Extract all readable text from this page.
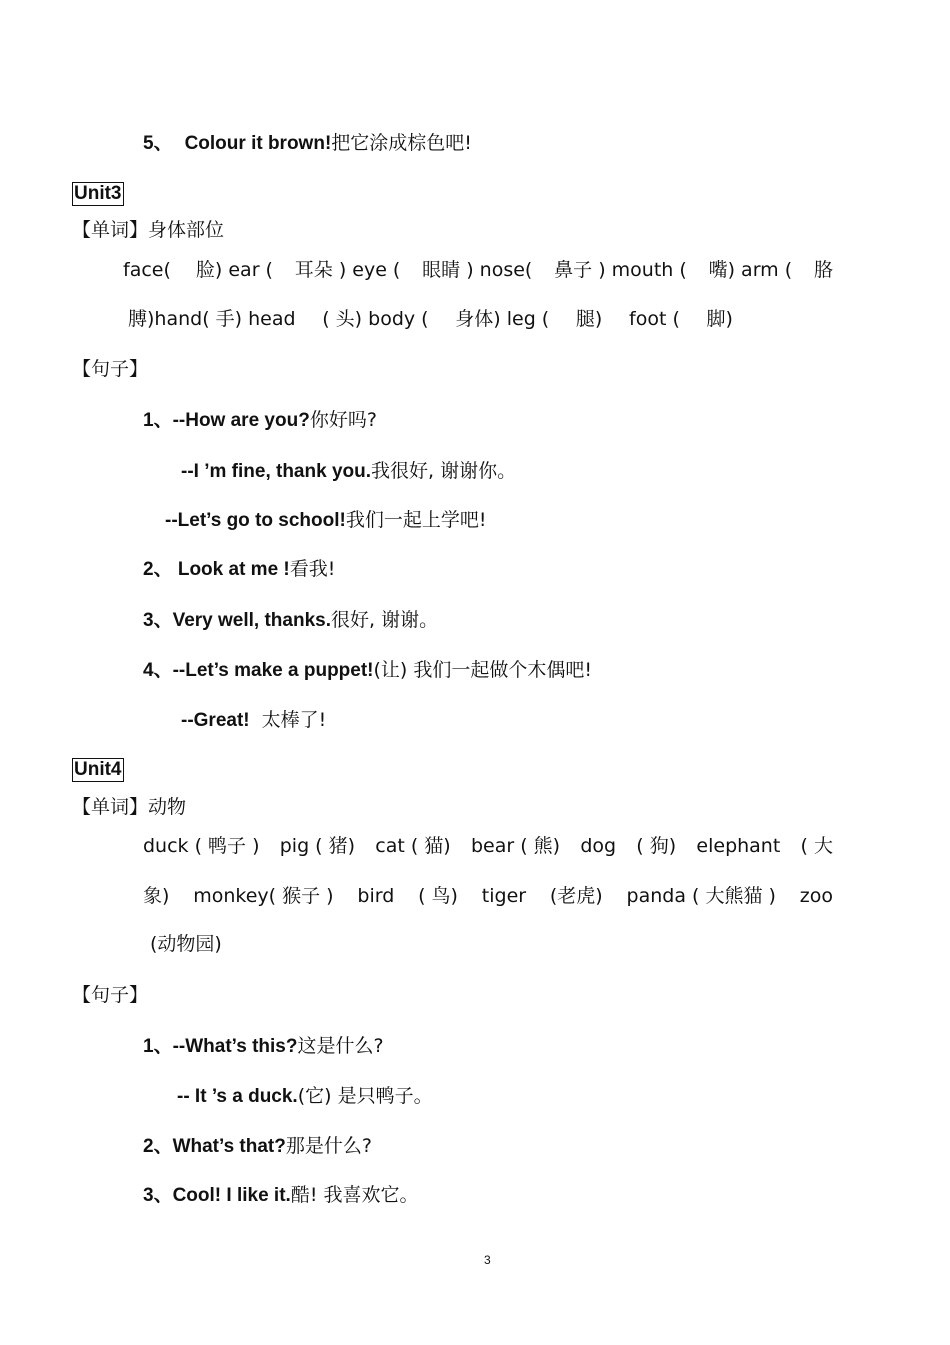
5、 Colour it brown!把它涂成棕色吧!
Unit3
【单词】身体部位
face(　 脸) ear ( 耳朵 ) eye ( 眼睛 ) nose( 鼻子 ) mouth ( 嘴) arm ( 胳
膊)hand( 手) head ( 头) body ( 身体) leg ( 腿) foot ( 脚)
【句子】
1、--How are you?你好吗?
--I ’m fine, thank you.我很好, 谢谢你。
--Let’s go to school!我们一起上学吧!
2、 Look at me !看我!
3、Very well, thanks.很好, 谢谢。
4、--Let’s make a puppet!(让) 我们一起做个木偶吧!
--Great! 太棒了!
Unit4
【单词】动物
duck ( 鸭子 ) pig ( 猪) cat ( 猫) bear ( 熊) dog ( 狗) elephant ( 大
象) monkey( 猴子 ) bird ( 鸟) tiger (老虎) panda ( 大熊猫 ) zoo
(动物园)
【句子】
1、--What’s this?这是什么?
-- It ’s a duck.(它) 是只鸭子。
2、What’s that?那是什么?
3、Cool! I like it.酷! 我喜欢它。
3
